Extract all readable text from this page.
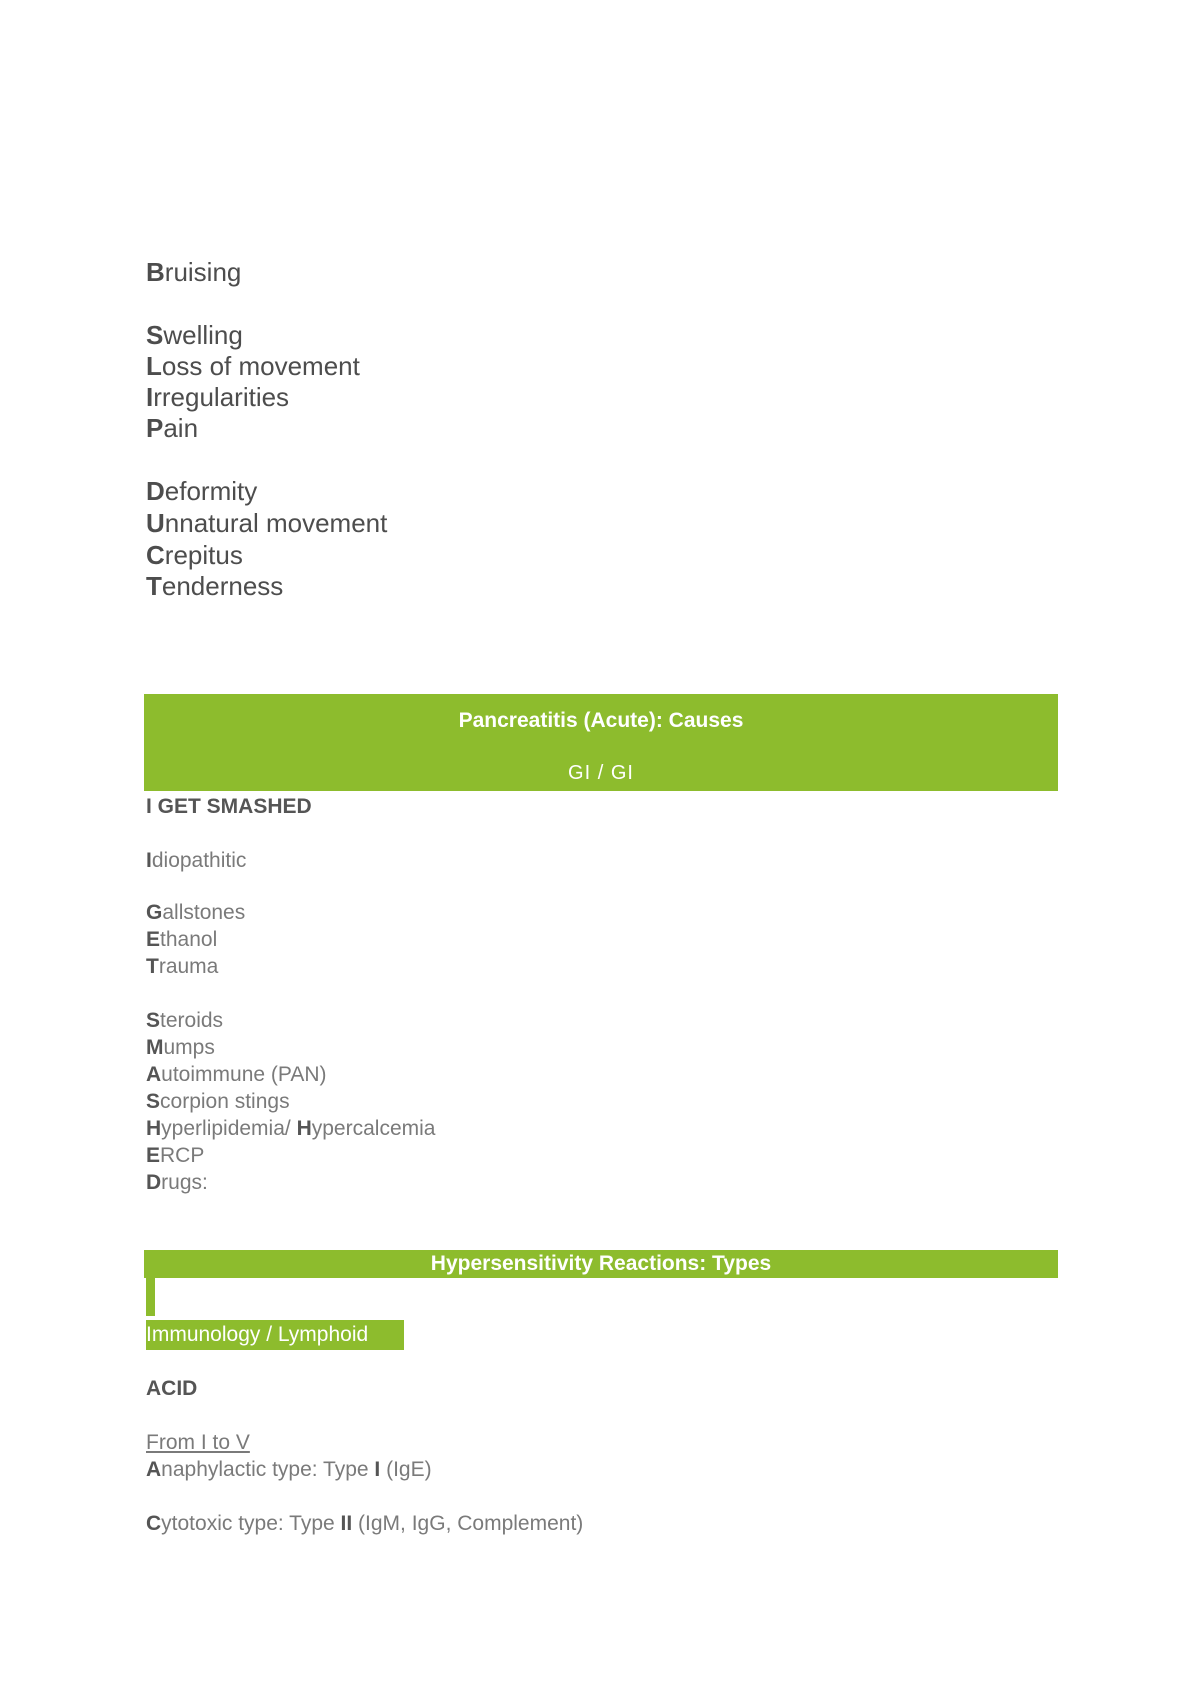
Bruising
Swelling
Loss of movement
Irregularities
Pain
Deformity
Unnatural movement
Crepitus
Tenderness
Pancreatitis (Acute): Causes
GI / GI
I GET SMASHED
Idiopathitic
Gallstones
Ethanol
Trauma
Steroids
Mumps
Autoimmune (PAN)
Scorpion stings
Hyperlipidemia/ Hypercalcemia
ERCP
Drugs:
Hypersensitivity Reactions: Types
Immunology / Lymphoid
ACID
From I to V
Anaphylactic type: Type I (IgE)
Cytotoxic type: Type II (IgM, IgG, Complement)
